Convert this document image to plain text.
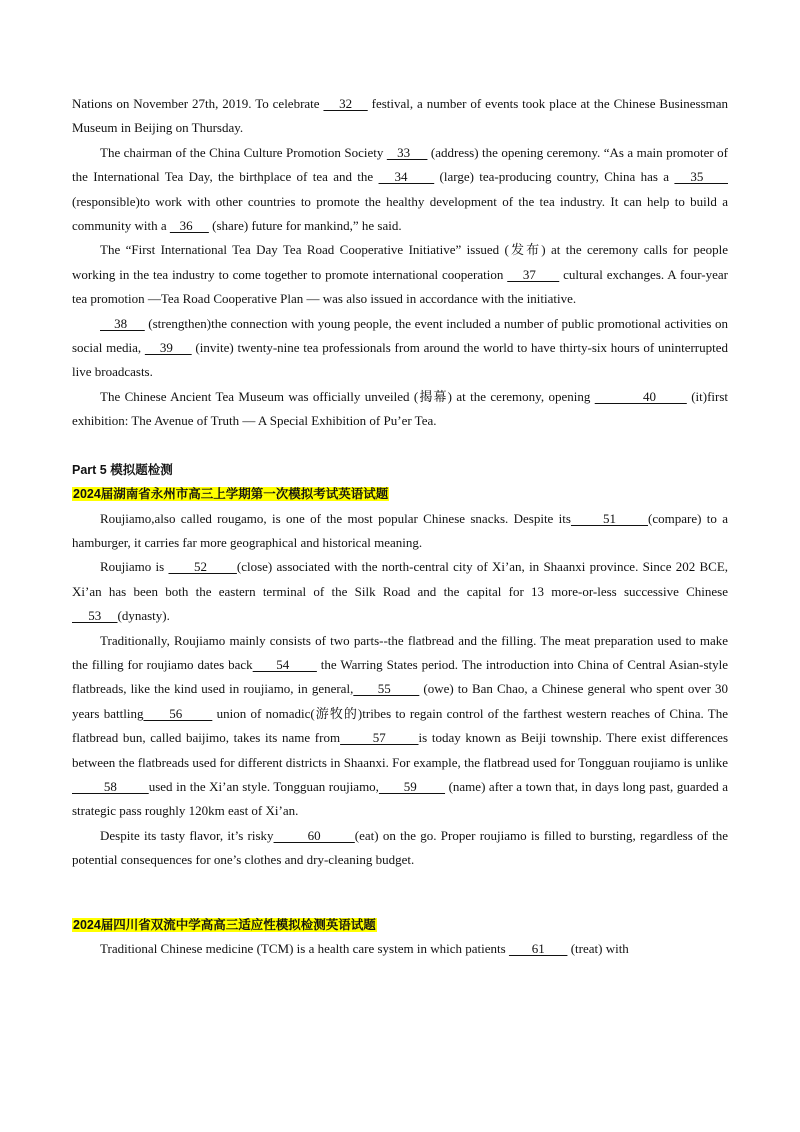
Nations on November 27th, 2019. To celebrate     32     festival, a number of events took place at the Chinese Businessman Museum in Beijing on Thursday.

The chairman of the China Culture Promotion Society    33      (address) the opening ceremony. “As a main promoter of the International Tea Day, the birthplace of tea and the    34      (large) tea-producing country, China has a    35      (responsible)to work with other countries to promote the healthy development of the tea industry. It can help to build a community with a    36      (share) future for mankind,” he said.

The “First International Tea Day Tea Road Cooperative Initiative” issued (发布) at the ceremony calls for people working in the tea industry to come together to promote international cooperation     37       cultural exchanges. A four-year tea promotion —Tea Road Cooperative Plan — was also issued in accordance with the initiative.

38      (strengthen)the connection with young people, the event included a number of public promotional activities on social media,     39      (invite) twenty-nine tea professionals from around the world to have thirty-six hours of uninterrupted live broadcasts.

The Chinese Ancient Tea Museum was officially unveiled (揭幕) at the ceremony, opening            40        (it)first exhibition: The Avenue of Truth — A Special Exhibition of Pu’er Tea.

Part 5 模拟题检测

2024届湖南省永州市高三上学期第一次模拟考试英语试题

Roujiamo,also called rougamo, is one of the most popular Chinese snacks. Despite its      51      (compare) to a hamburger, it carries far more geographical and historical meaning.

Roujiamo is       52       (close) associated with the north-central city of Xi’an, in Shaanxi province. Since 202 BCE, Xi’an has been both the eastern terminal of the Silk Road and the capital for 13 more-or-less successive Chinese      53     (dynasty).

Traditionally, Roujiamo mainly consists of two parts--the flatbread and the filling. The meat preparation used to make the filling for roujiamo dates back      54        the Warring States period. The introduction into China of Central Asian-style flatbreads, like the kind used in roujiamo, in general,      55        (owe) to Ban Chao, a Chinese general who spent over 30 years battling      56        union of nomadic(游牧的)tribes to regain control of the farthest western reaches of China. The flatbread bun, called baijimo, takes its name from       57       is today known as Beiji township. There exist differences between the flatbreads used for different districts in Shaanxi. For example, the flatbread used for Tongguan roujiamo is unlike         58         used in the Xi’an style. Tongguan roujiamo,       59         (name) after a town that, in days long past, guarded a strategic pass roughly 120km east of Xi’an.

Despite its tasty flavor, it’s risky        60        (eat) on the go. Proper roujiamo is filled to bursting, regardless of the potential consequences for one’s clothes and dry-cleaning budget.

2024届四川省双流中学高高三适应性模拟检测英语试题

Traditional Chinese medicine (TCM) is a health care system in which patients        61        (treat) with
